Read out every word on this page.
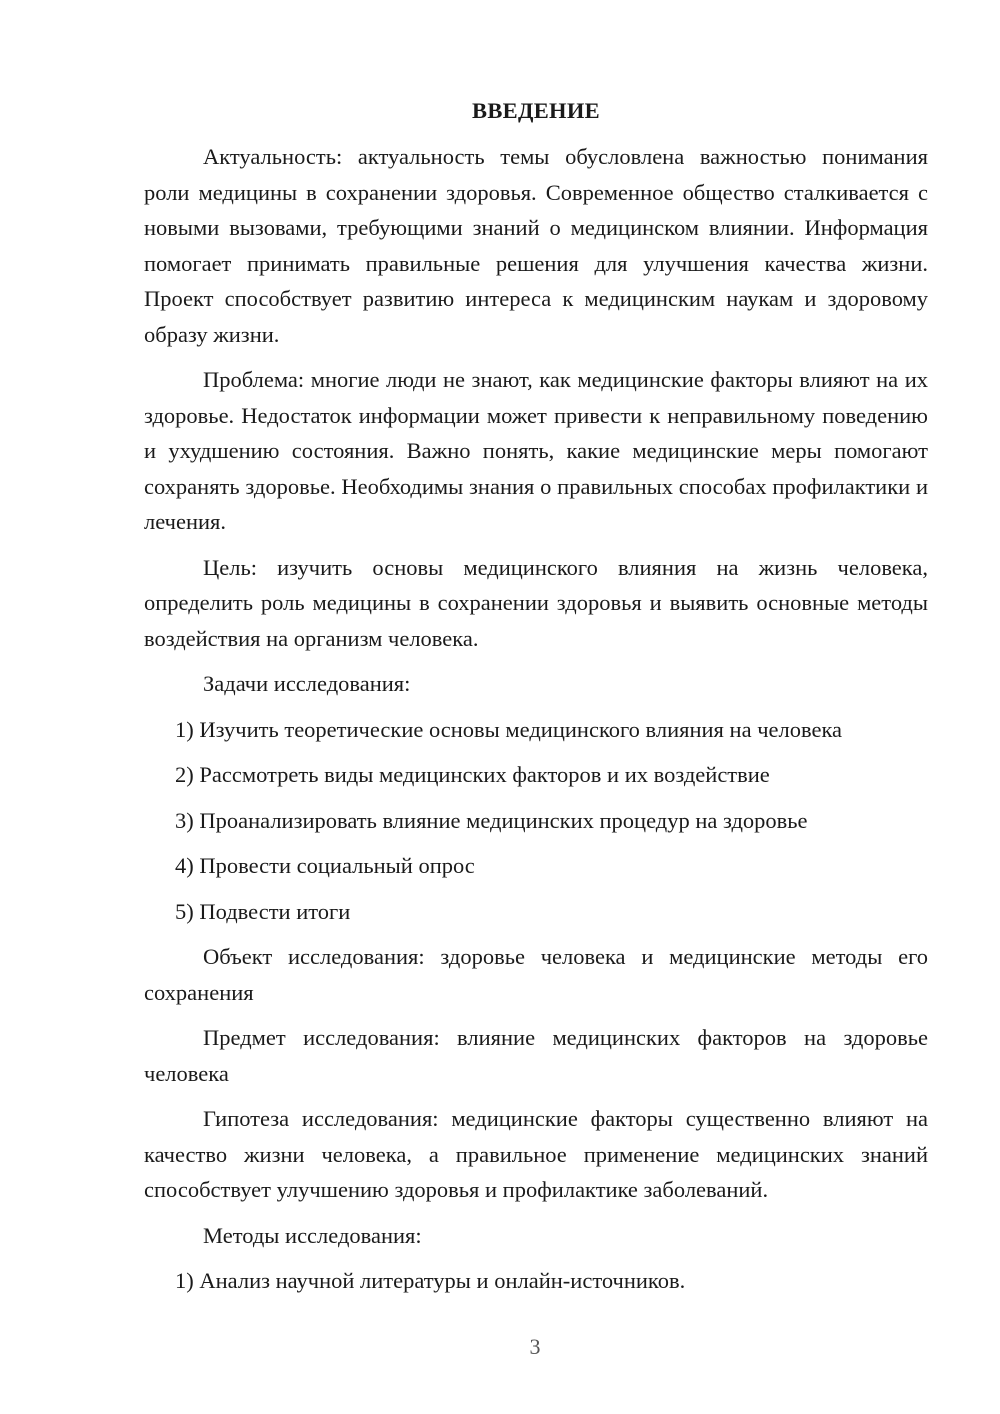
ВВЕДЕНИЕ

Актуальность: актуальность темы обусловлена важностью понимания роли медицины в сохранении здоровья. Современное общество сталкивается с новыми вызовами, требующими знаний о медицинском влиянии. Информация помогает принимать правильные решения для улучшения качества жизни. Проект способствует развитию интереса к медицинским наукам и здоровому образу жизни.

Проблема: многие люди не знают, как медицинские факторы влияют на их здоровье. Недостаток информации может привести к неправильному поведению и ухудшению состояния. Важно понять, какие медицинские меры помогают сохранять здоровье. Необходимы знания о правильных способах профилактики и лечения.

Цель: изучить основы медицинского влияния на жизнь человека, определить роль медицины в сохранении здоровья и выявить основные методы воздействия на организм человека.

Задачи исследования:

1) Изучить теоретические основы медицинского влияния на человека

2) Рассмотреть виды медицинских факторов и их воздействие

3) Проанализировать влияние медицинских процедур на здоровье

4) Провести социальный опрос

5) Подвести итоги

Объект исследования: здоровье человека и медицинские методы его сохранения

Предмет исследования: влияние медицинских факторов на здоровье человека

Гипотеза исследования: медицинские факторы существенно влияют на качество жизни человека, а правильное применение медицинских знаний способствует улучшению здоровья и профилактике заболеваний.

Методы исследования:

1) Анализ научной литературы и онлайн-источников.

3
